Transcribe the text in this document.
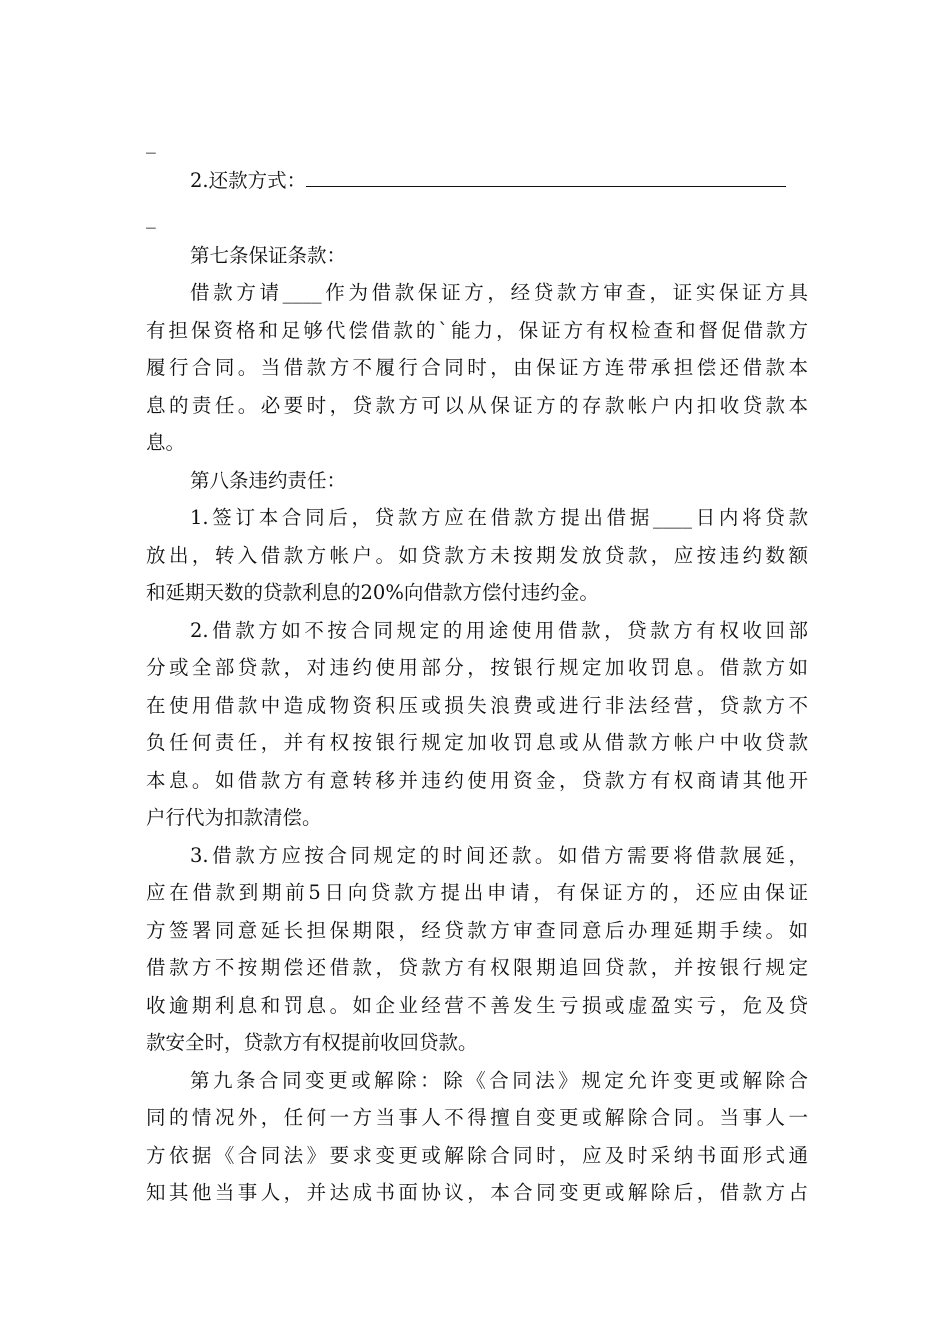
_
2.还款方式：
_
第七条保证条款：
借款方请____作为借款保证方，经贷款方审查，证实保证方具
有担保资格和足够代偿借款的`能力，保证方有权检查和督促借款方
履行合同。当借款方不履行合同时，由保证方连带承担偿还借款本
息的责任。必要时，贷款方可以从保证方的存款帐户内扣收贷款本
息。
第八条违约责任：
1.签订本合同后，贷款方应在借款方提出借据____日内将贷款
放出，转入借款方帐户。如贷款方未按期发放贷款，应按违约数额
和延期天数的贷款利息的20%向借款方偿付违约金。
2.借款方如不按合同规定的用途使用借款，贷款方有权收回部
分或全部贷款，对违约使用部分，按银行规定加收罚息。借款方如
在使用借款中造成物资积压或损失浪费或进行非法经营，贷款方不
负任何责任，并有权按银行规定加收罚息或从借款方帐户中收贷款
本息。如借款方有意转移并违约使用资金，贷款方有权商请其他开
户行代为扣款清偿。
3.借款方应按合同规定的时间还款。如借方需要将借款展延，
应在借款到期前5日向贷款方提出申请，有保证方的，还应由保证
方签署同意延长担保期限，经贷款方审查同意后办理延期手续。如
借款方不按期偿还借款，贷款方有权限期追回贷款，并按银行规定
收逾期利息和罚息。如企业经营不善发生亏损或虚盈实亏，危及贷
款安全时，贷款方有权提前收回贷款。
第九条合同变更或解除：除《合同法》规定允许变更或解除合
同的情况外，任何一方当事人不得擅自变更或解除合同。当事人一
方依据《合同法》要求变更或解除合同时，应及时采纳书面形式通
知其他当事人，并达成书面协议，本合同变更或解除后，借款方占
